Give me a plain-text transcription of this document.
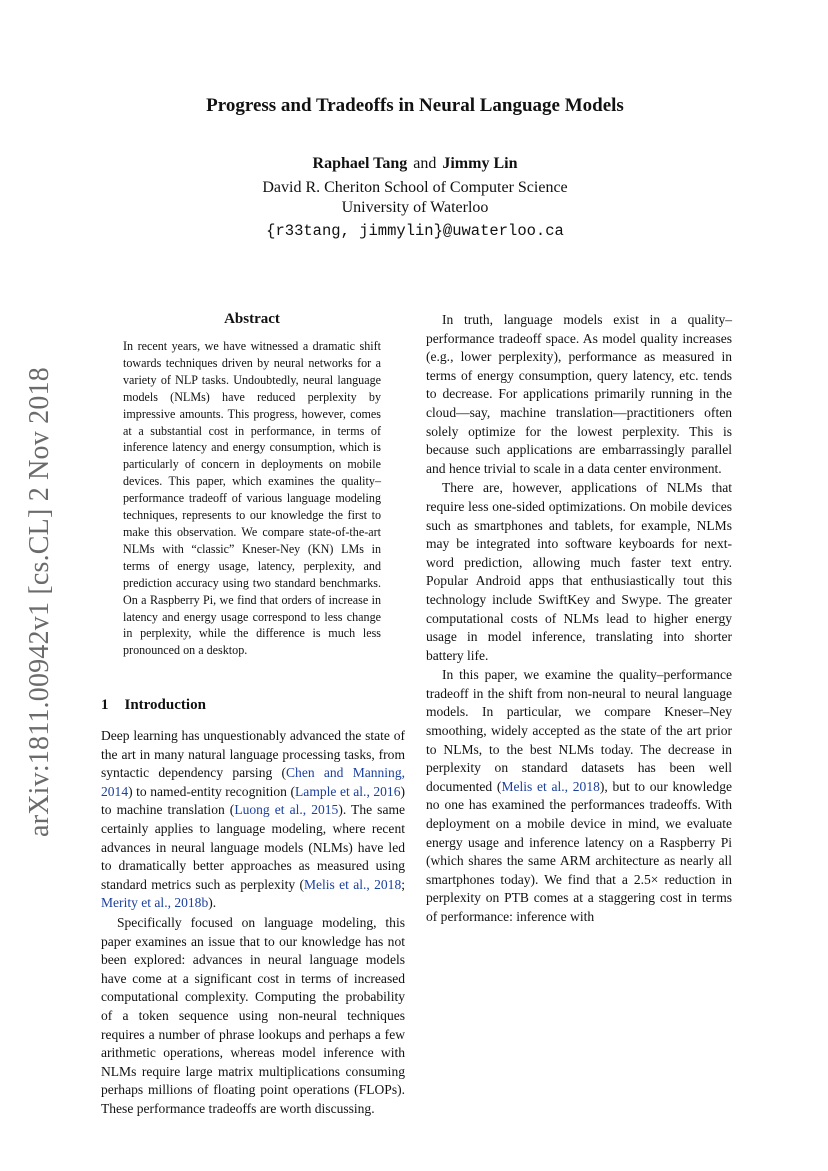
arXiv:1811.00942v1 [cs.CL] 2 Nov 2018
Progress and Tradeoffs in Neural Language Models
Raphael Tang and Jimmy Lin
David R. Cheriton School of Computer Science
University of Waterloo
{r33tang, jimmylin}@uwaterloo.ca
Abstract
In recent years, we have witnessed a dramatic shift towards techniques driven by neural networks for a variety of NLP tasks. Undoubtedly, neural language models (NLMs) have reduced perplexity by impressive amounts. This progress, however, comes at a substantial cost in performance, in terms of inference latency and energy consumption, which is particularly of concern in deployments on mobile devices. This paper, which examines the quality–performance tradeoff of various language modeling techniques, represents to our knowledge the first to make this observation. We compare state-of-the-art NLMs with “classic” Kneser-Ney (KN) LMs in terms of energy usage, latency, perplexity, and prediction accuracy using two standard benchmarks. On a Raspberry Pi, we find that orders of increase in latency and energy usage correspond to less change in perplexity, while the difference is much less pronounced on a desktop.
1 Introduction

Deep learning has unquestionably advanced the state of the art in many natural language processing tasks, from syntactic dependency parsing (Chen and Manning, 2014) to named-entity recognition (Lample et al., 2016) to machine translation (Luong et al., 2015). The same certainly applies to language modeling, where recent advances in neural language models (NLMs) have led to dramatically better approaches as measured using standard metrics such as perplexity (Melis et al., 2018; Merity et al., 2018b).

Specifically focused on language modeling, this paper examines an issue that to our knowledge has not been explored: advances in neural language models have come at a significant cost in terms of increased computational complexity. Computing the probability of a token sequence using non-neural techniques requires a number of phrase lookups and perhaps a few arithmetic operations, whereas model inference with NLMs require large matrix multiplications consuming perhaps millions of floating point operations (FLOPs). These performance tradeoffs are worth discussing.

In truth, language models exist in a quality–performance tradeoff space. As model quality increases (e.g., lower perplexity), performance as measured in terms of energy consumption, query latency, etc. tends to decrease. For applications primarily running in the cloud—say, machine translation—practitioners often solely optimize for the lowest perplexity. This is because such applications are embarrassingly parallel and hence trivial to scale in a data center environment.

There are, however, applications of NLMs that require less one-sided optimizations. On mobile devices such as smartphones and tablets, for example, NLMs may be integrated into software keyboards for next-word prediction, allowing much faster text entry. Popular Android apps that enthusiastically tout this technology include SwiftKey and Swype. The greater computational costs of NLMs lead to higher energy usage in model inference, translating into shorter battery life.

In this paper, we examine the quality–performance tradeoff in the shift from non-neural to neural language models. In particular, we compare Kneser–Ney smoothing, widely accepted as the state of the art prior to NLMs, to the best NLMs today. The decrease in perplexity on standard datasets has been well documented (Melis et al., 2018), but to our knowledge no one has examined the performances tradeoffs. With deployment on a mobile device in mind, we evaluate energy usage and inference latency on a Raspberry Pi (which shares the same ARM architecture as nearly all smartphones today). We find that a 2.5× reduction in perplexity on PTB comes at a staggering cost in terms of performance: inference with
